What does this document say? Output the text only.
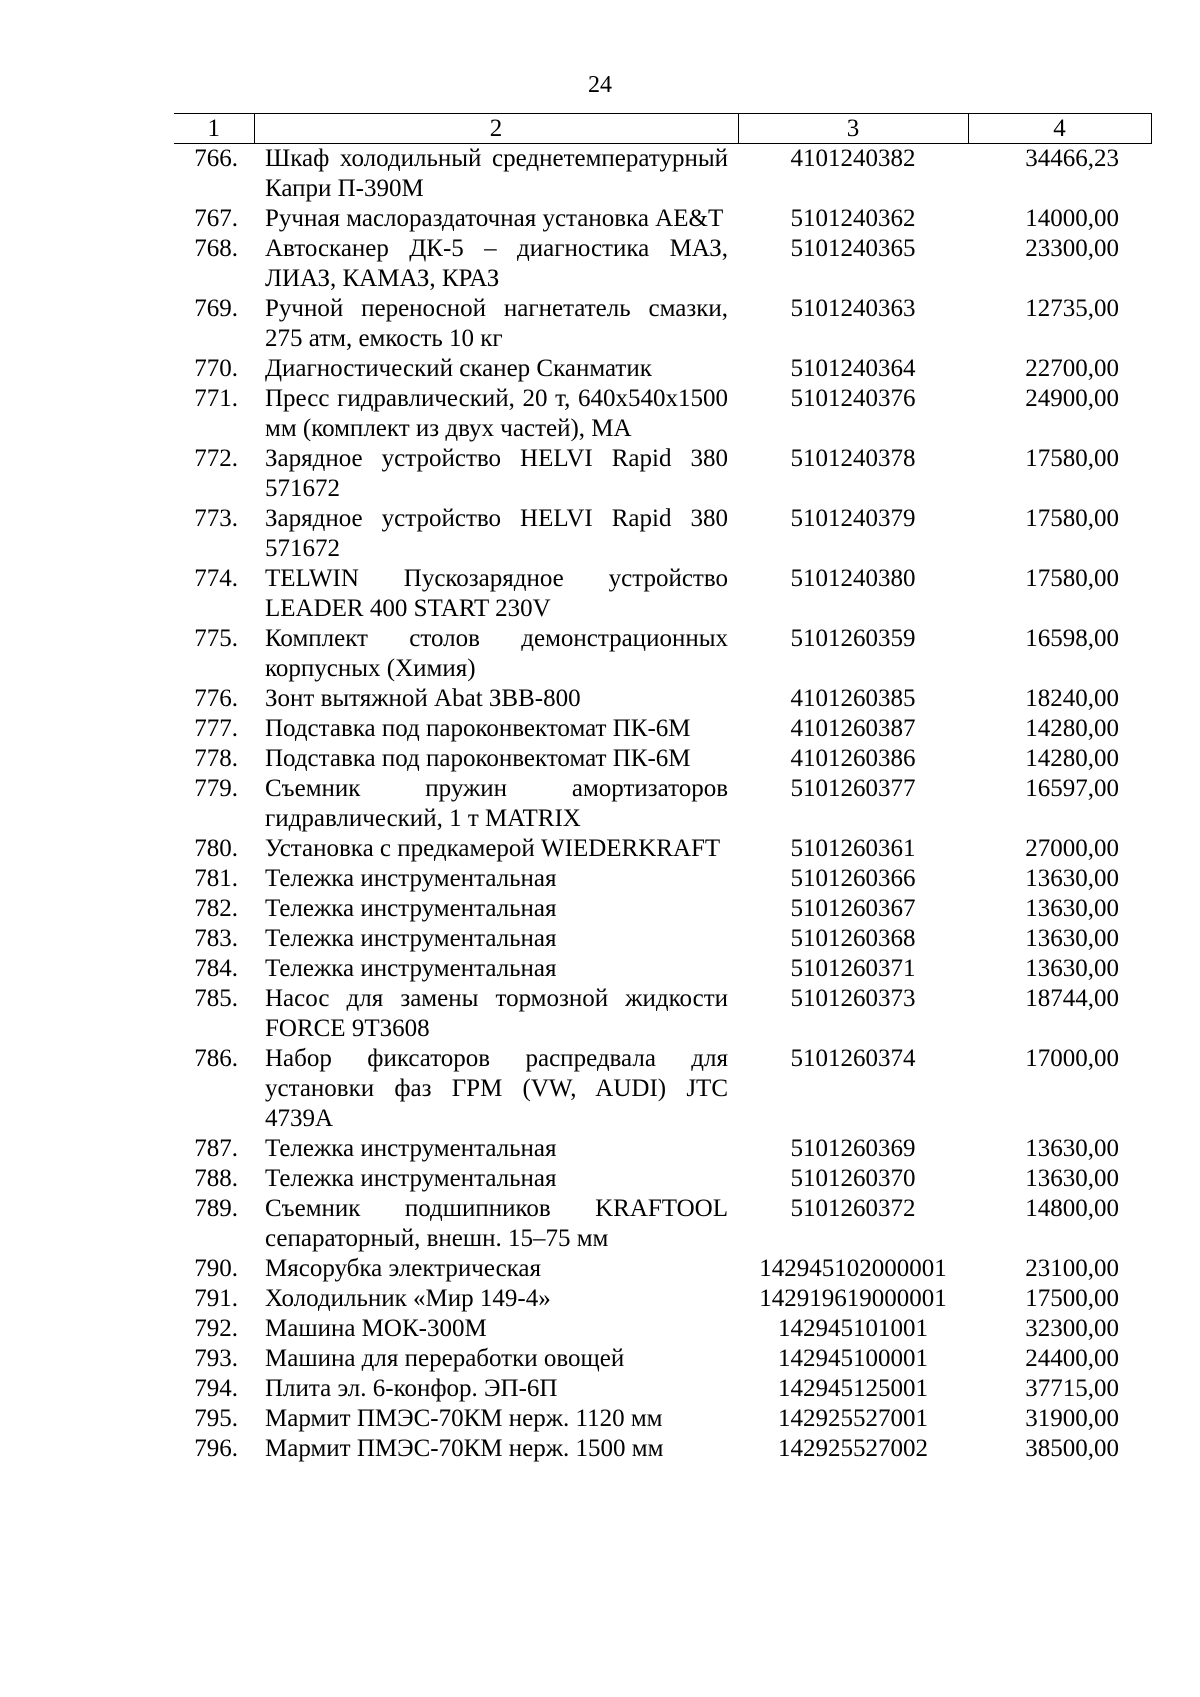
24
1	2	3	4
766.	Шкаф холодильный среднетемпературный Капри П-390М	4101240382	34466,23
767.	Ручная маслораздаточная установка AE&T	5101240362	14000,00
768.	Автосканер ДК-5 – диагностика МАЗ, ЛИАЗ, КАМАЗ, КРАЗ	5101240365	23300,00
769.	Ручной переносной нагнетатель смазки, 275 атм, емкость 10 кг	5101240363	12735,00
770.	Диагностический сканер Сканматик	5101240364	22700,00
771.	Пресс гидравлический, 20 т, 640х540х1500 мм (комплект из двух частей), МА	5101240376	24900,00
772.	Зарядное устройство HELVI Rapid 380 571672	5101240378	17580,00
773.	Зарядное устройство HELVI Rapid 380 571672	5101240379	17580,00
774.	TELWIN Пускозарядное устройство LEADER 400 START 230V	5101240380	17580,00
775.	Комплект столов демонстрационных корпусных (Химия)	5101260359	16598,00
776.	Зонт вытяжной Abat ЗВВ-800	4101260385	18240,00
777.	Подставка под пароконвектомат ПК-6М	4101260387	14280,00
778.	Подставка под пароконвектомат ПК-6М	4101260386	14280,00
779.	Съемник пружин амортизаторов гидравлический, 1 т MATRIX	5101260377	16597,00
780.	Установка с предкамерой WIEDERKRAFT	5101260361	27000,00
781.	Тележка инструментальная	5101260366	13630,00
782.	Тележка инструментальная	5101260367	13630,00
783.	Тележка инструментальная	5101260368	13630,00
784.	Тележка инструментальная	5101260371	13630,00
785.	Насос для замены тормозной жидкости FORCE 9T3608	5101260373	18744,00
786.	Набор фиксаторов распредвала для установки фаз ГРМ (VW, AUDI) JTC 4739A	5101260374	17000,00
787.	Тележка инструментальная	5101260369	13630,00
788.	Тележка инструментальная	5101260370	13630,00
789.	Съемник подшипников KRAFTOOL сепараторный, внешн. 15–75 мм	5101260372	14800,00
790.	Мясорубка электрическая	142945102000001	23100,00
791.	Холодильник «Мир 149-4»	142919619000001	17500,00
792.	Машина МОК-300М	142945101001	32300,00
793.	Машина для переработки овощей	142945100001	24400,00
794.	Плита эл. 6-конфор. ЭП-6П	142945125001	37715,00
795.	Мармит ПМЭС-70КМ нерж. 1120 мм	142925527001	31900,00
796.	Мармит ПМЭС-70КМ нерж. 1500 мм	142925527002	38500,00
